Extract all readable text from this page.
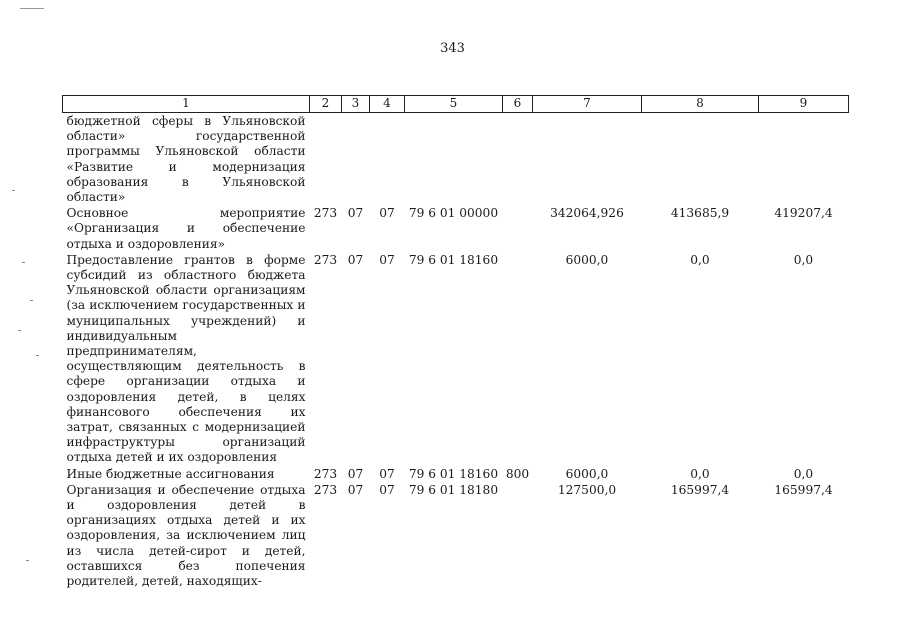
343
1	2	3	4	5	6	7	8	9
бюджетной сферы в Ульяновской области» государственной программы Ульяновской области «Развитие и модернизация образования в Ульяновской области»								
Основное мероприятие «Организация и обеспечение отдыха и оздоровления»	273	07	07	79 6 01 00000		342064,926	413685,9	419207,4
Предоставление грантов в форме субсидий из областного бюджета Ульяновской области организациям (за исключением государственных и муниципальных учреждений) и индивидуальным предпринимателям, осуществляющим деятельность в сфере организации отдыха и оздоровления детей, в целях финансового обеспечения их затрат, связанных с модернизацией инфраструктуры организаций отдыха детей и их оздоровления	273	07	07	79 6 01 18160		6000,0	0,0	0,0
Иные бюджетные ассигнования	273	07	07	79 6 01 18160	800	6000,0	0,0	0,0
Организация и обеспечение отдыха и оздоровления детей в организациях отдыха детей и их оздоровления, за исключением лиц из числа детей-сирот и детей, оставшихся без попечения родителей, детей, находящих-	273	07	07	79 6 01 18180		127500,0	165997,4	165997,4
